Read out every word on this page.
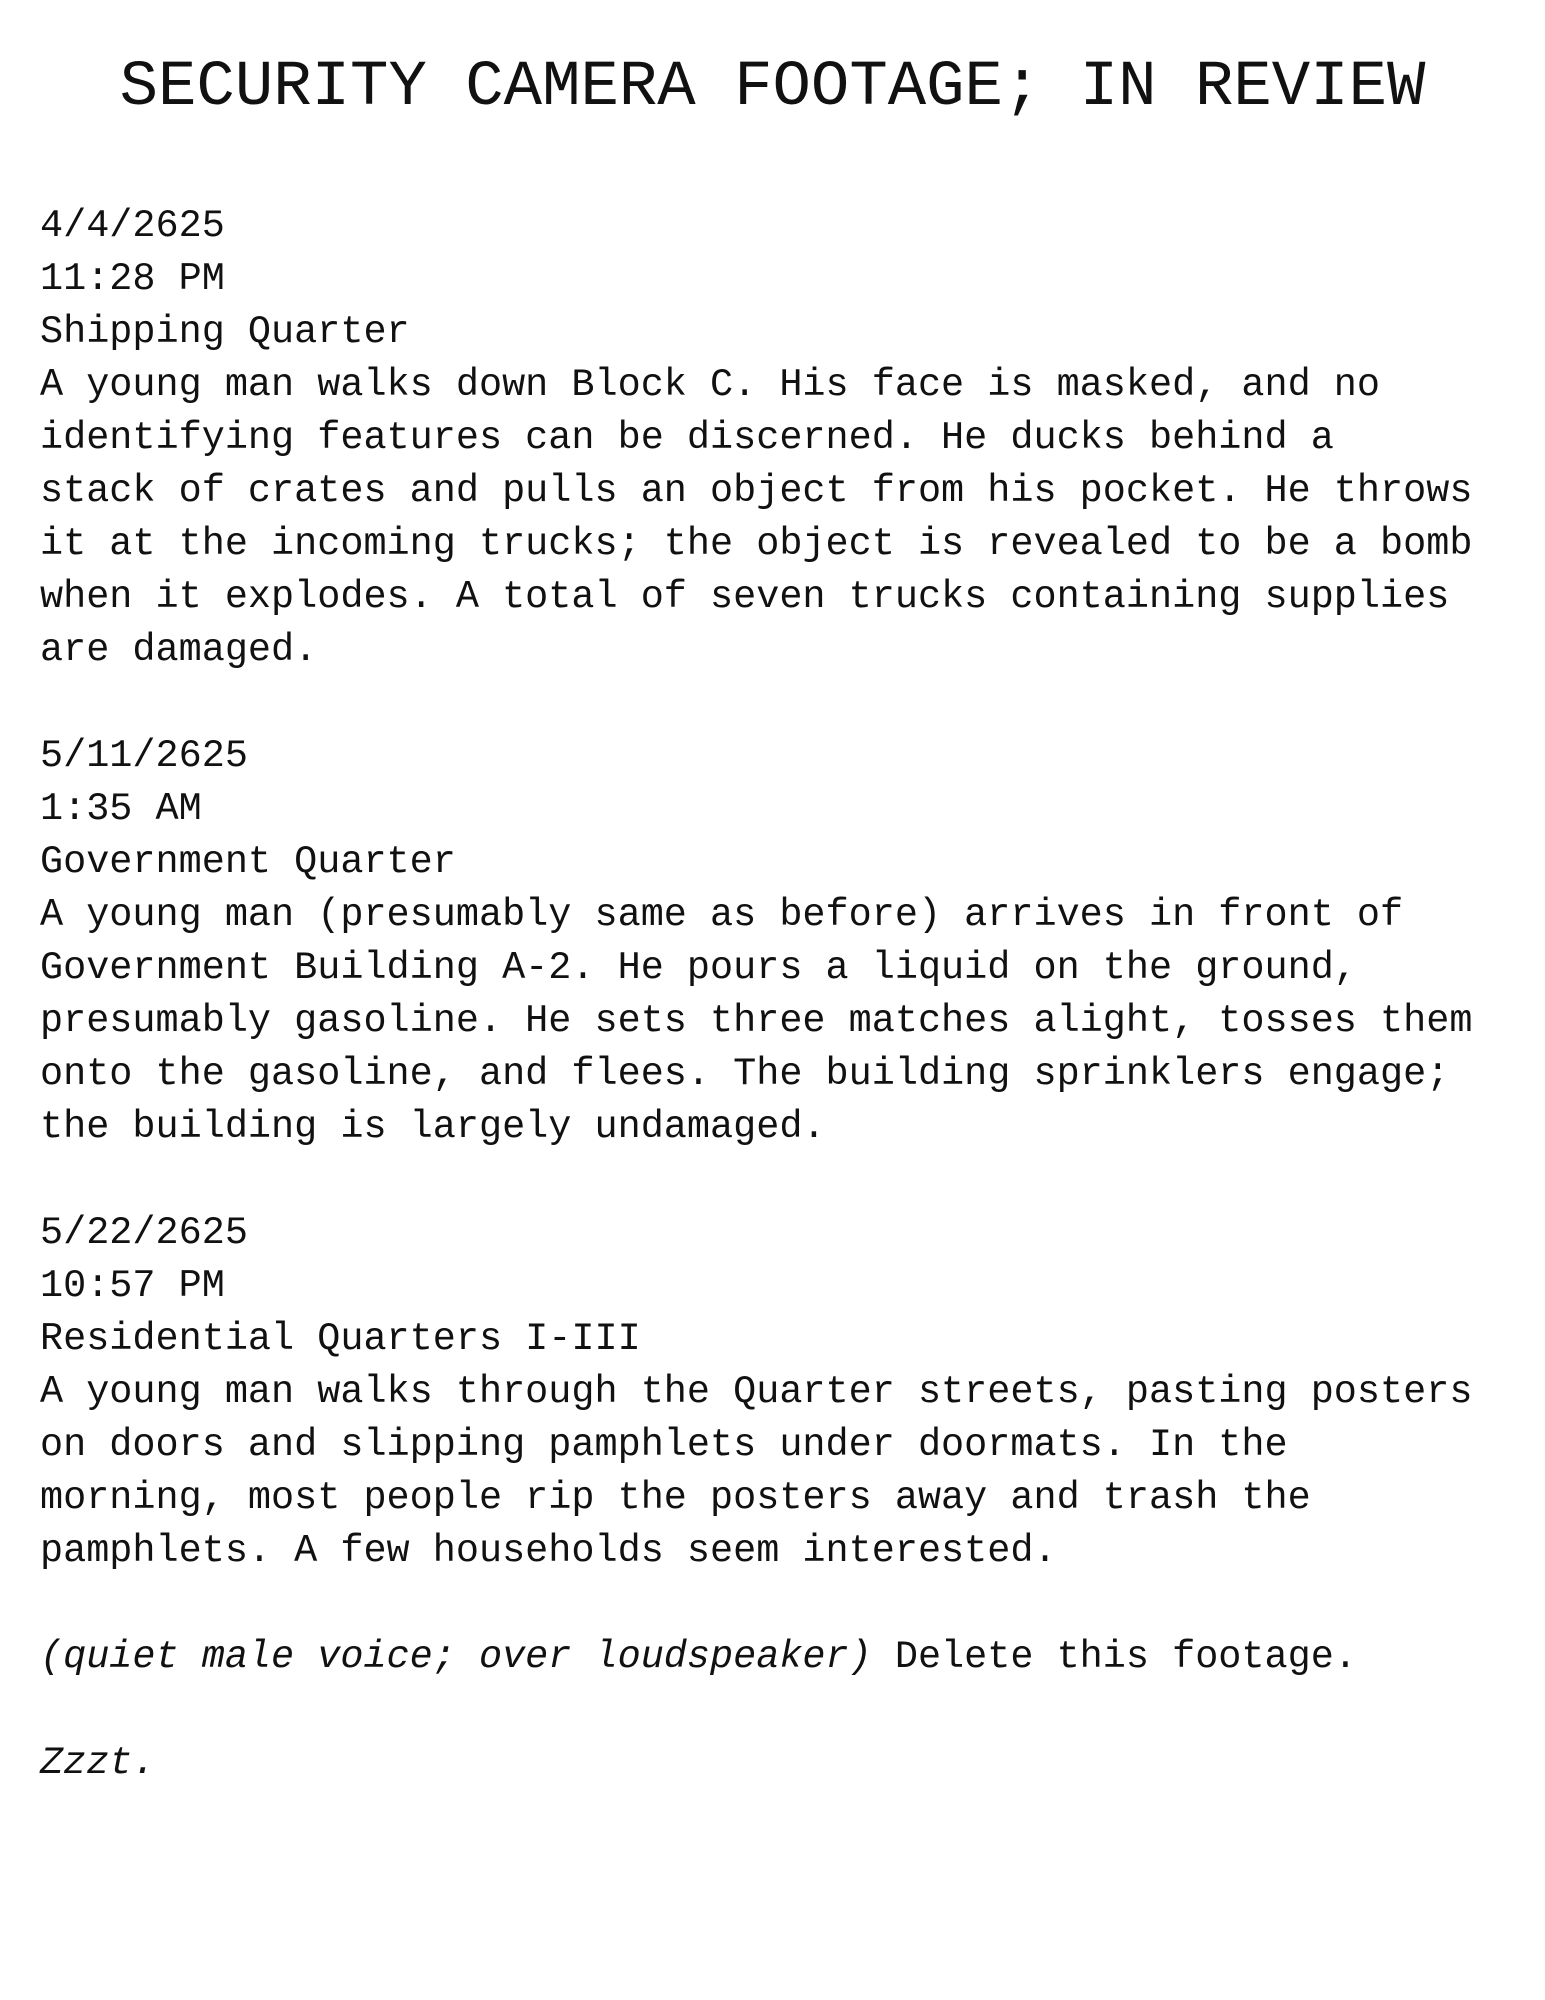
SECURITY CAMERA FOOTAGE; IN REVIEW
4/4/2625
11:28 PM
Shipping Quarter
A young man walks down Block C. His face is masked, and no
identifying features can be discerned. He ducks behind a
stack of crates and pulls an object from his pocket. He throws
it at the incoming trucks; the object is revealed to be a bomb
when it explodes. A total of seven trucks containing supplies
are damaged.
5/11/2625
1:35 AM
Government Quarter
A young man (presumably same as before) arrives in front of
Government Building A-2. He pours a liquid on the ground,
presumably gasoline. He sets three matches alight, tosses them
onto the gasoline, and flees. The building sprinklers engage;
the building is largely undamaged.
5/22/2625
10:57 PM
Residential Quarters I-III
A young man walks through the Quarter streets, pasting posters
on doors and slipping pamphlets under doormats. In the
morning, most people rip the posters away and trash the
pamphlets. A few households seem interested.
(quiet male voice; over loudspeaker) Delete this footage.
Zzzt.
